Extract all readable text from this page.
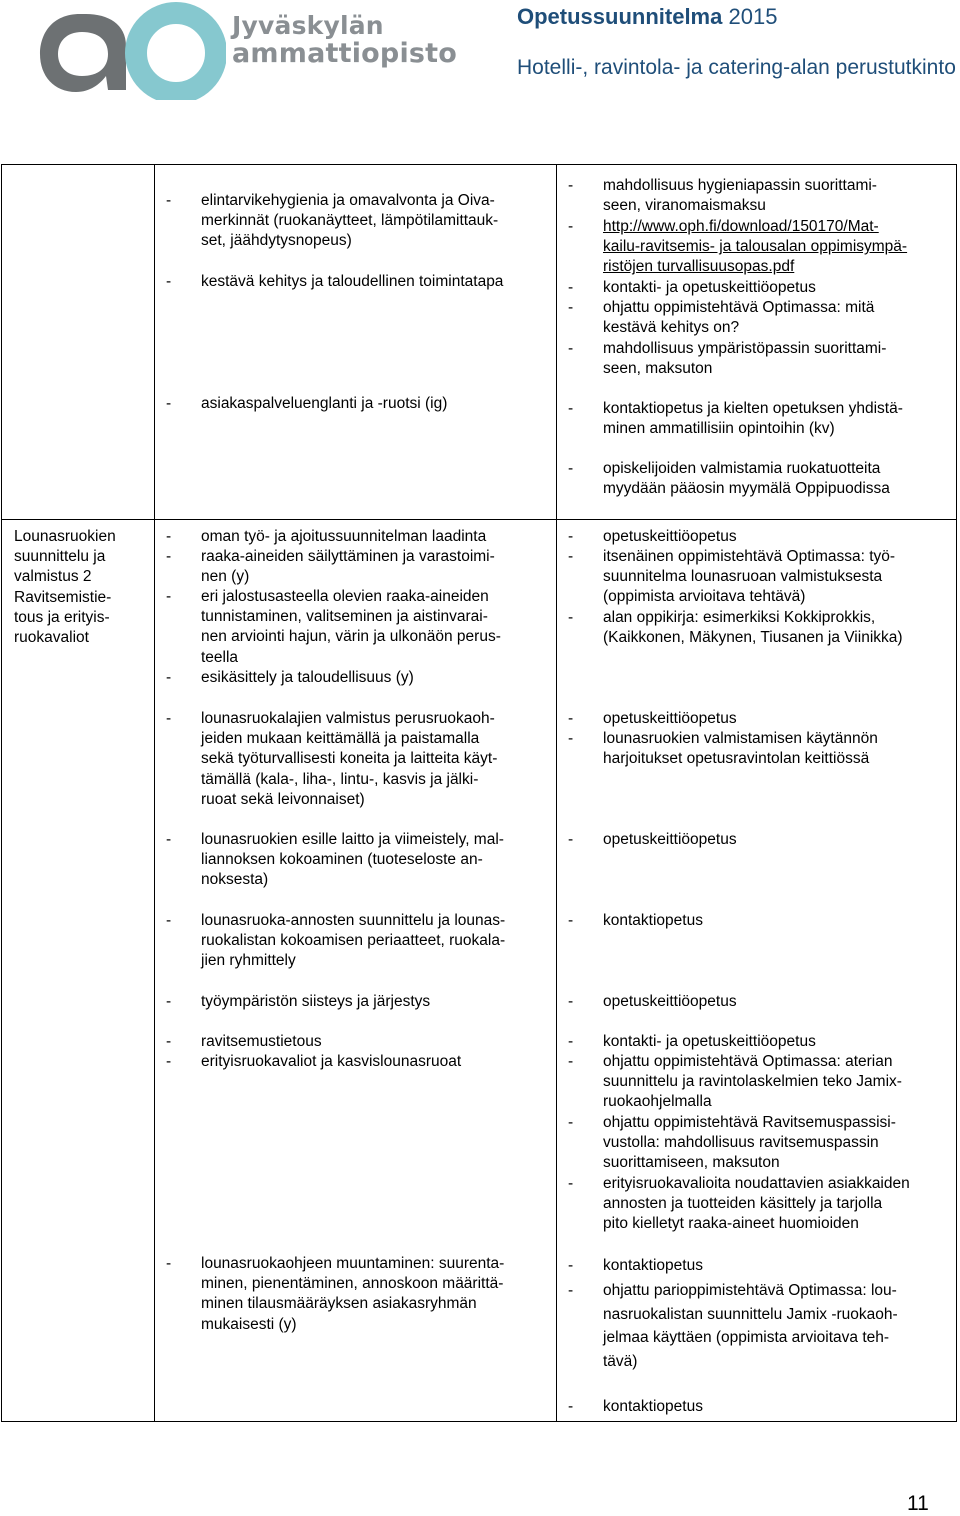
Jyväskylän
ammattiopisto
Opetussuunnitelma 2015
Hotelli-, ravintola- ja catering-alan perustutkinto
- elintarvikehygienia ja omavalvonta ja Oiva-
merkinnät (ruokanäytteet, lämpötilamittauk-
set, jäähdytysnopeus)
- kestävä kehitys ja taloudellinen toimintatapa
- asiakaspalveluenglanti ja -ruotsi (ig)
- mahdollisuus hygieniapassin suorittami-
seen, viranomaismaksu
- http://www.oph.fi/download/150170/Mat-
kailu-ravitsemis- ja talousalan oppimisympä-
ristöjen turvallisuusopas.pdf
- kontakti- ja opetuskeittiöopetus
- ohjattu oppimistehtävä Optimassa: mitä
kestävä kehitys on?
- mahdollisuus ympäristöpassin suorittami-
seen, maksuton
- kontaktiopetus ja kielten opetuksen yhdistä-
minen ammatillisiin opintoihin (kv)
- opiskelijoiden valmistamia ruokatuotteita
myydään pääosin myymälä Oppipuodissa
Lounasruokien
suunnittelu ja
valmistus 2
Ravitsemistie-
tous ja erityis-
ruokavaliot
- oman työ- ja ajoitussuunnitelman laadinta
- raaka-aineiden säilyttäminen ja varastoimi-
nen (y)
- eri jalostusasteella olevien raaka-aineiden
tunnistaminen, valitseminen ja aistinvarai-
nen arviointi hajun, värin ja ulkonäön perus-
teella
- esikäsittely ja taloudellisuus (y)
- lounasruokalajien valmistus perusruokaoh-
jeiden mukaan keittämällä ja paistamalla
sekä työturvallisesti koneita ja laitteita käyt-
tämällä (kala-, liha-, lintu-, kasvis ja jälki-
ruoat sekä leivonnaiset)
- lounasruokien esille laitto ja viimeistely, mal-
liannoksen kokoaminen (tuoteseloste an-
noksesta)
- lounasruoka-annosten suunnittelu ja lounas-
ruokalistan kokoamisen periaatteet, ruokala-
jien ryhmittely
- työympäristön siisteys ja järjestys
- ravitsemustietous
- erityisruokavaliot ja kasvislounasruoat
- lounasruokaohjeen muuntaminen: suurenta-
minen, pienentäminen, annoskoon määrittä-
minen tilausmääräyksen asiakasryhmän
mukaisesti (y)
- opetuskeittiöopetus
- itsenäinen oppimistehtävä Optimassa: työ-
suunnitelma lounasruoan valmistuksesta
(oppimista arvioitava tehtävä)
- alan oppikirja: esimerkiksi Kokkiprokkis,
(Kaikkonen, Mäkynen, Tiusanen ja Viinikka)
- opetuskeittiöopetus
- lounasruokien valmistamisen käytännön
harjoitukset opetusravintolan keittiössä
- opetuskeittiöopetus
- kontaktiopetus
- opetuskeittiöopetus
- kontakti- ja opetuskeittiöopetus
- ohjattu oppimistehtävä Optimassa: aterian
suunnittelu ja ravintolaskelmien teko Jamix-
ruokaohjelmalla
- ohjattu oppimistehtävä Ravitsemuspassisi-
vustolla: mahdollisuus ravitsemuspassin
suorittamiseen, maksuton
- erityisruokavalioita noudattavien asiakkaiden
annosten ja tuotteiden käsittely ja tarjolla
pito kielletyt raaka-aineet huomioiden
- kontaktiopetus
- ohjattu parioppimistehtävä Optimassa: lou-
nasruokalistan suunnittelu Jamix -ruokaoh-
jelmaa käyttäen (oppimista arvioitava teh-
tävä)
- kontaktiopetus
11
